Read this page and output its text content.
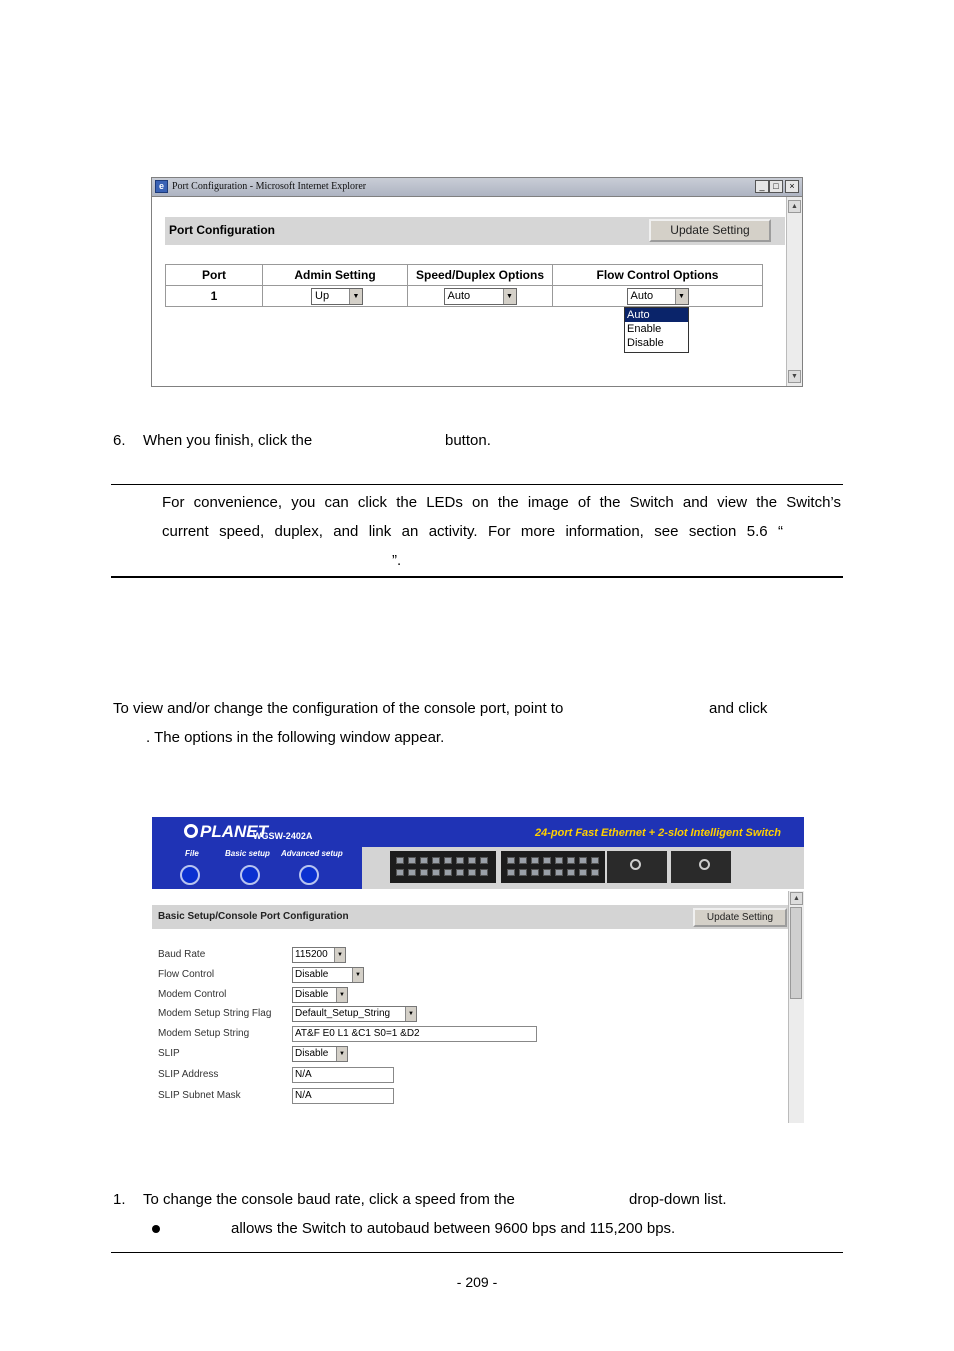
e Port Configuration - Microsoft Internet Explorer	_ □	×
▲
▼
Port Configuration	Update Setting
Port	Admin Setting	Speed/Duplex Options	Flow Control Options
1	Up ▼	Auto ▼	Auto ▼
Auto
Enable
Disable
6. When you finish, click the	button.
For convenience, you can click the LEDs on the image of the Switch and view the Switch’s
current speed, duplex, and link an activity. For more information, see section 5.6 “
”.
To view and/or change the configuration of the console port, point to	and click
. The options in the following window appear.
PLANET
WGSW-2402A	24-port Fast Ethernet + 2-slot Intelligent Switch
File	Basic setup Advanced setup
Basic Setup/Console Port Configuration	Update Setting
Baud Rate	115200	▼
Flow Control	Disable	▼
Modem Control	Disable	▼
Modem Setup String Flag	Default_Setup_String	▼
Modem Setup String	AT&F E0 L1 &C1 S0=1 &D2
SLIP	Disable	▼
SLIP Address	N/A
SLIP Subnet Mask	N/A
▲
1. To change the console baud rate, click a speed from the	drop-down list.
allows the Switch to autobaud between 9600 bps and 115,200 bps.
- 209 -
